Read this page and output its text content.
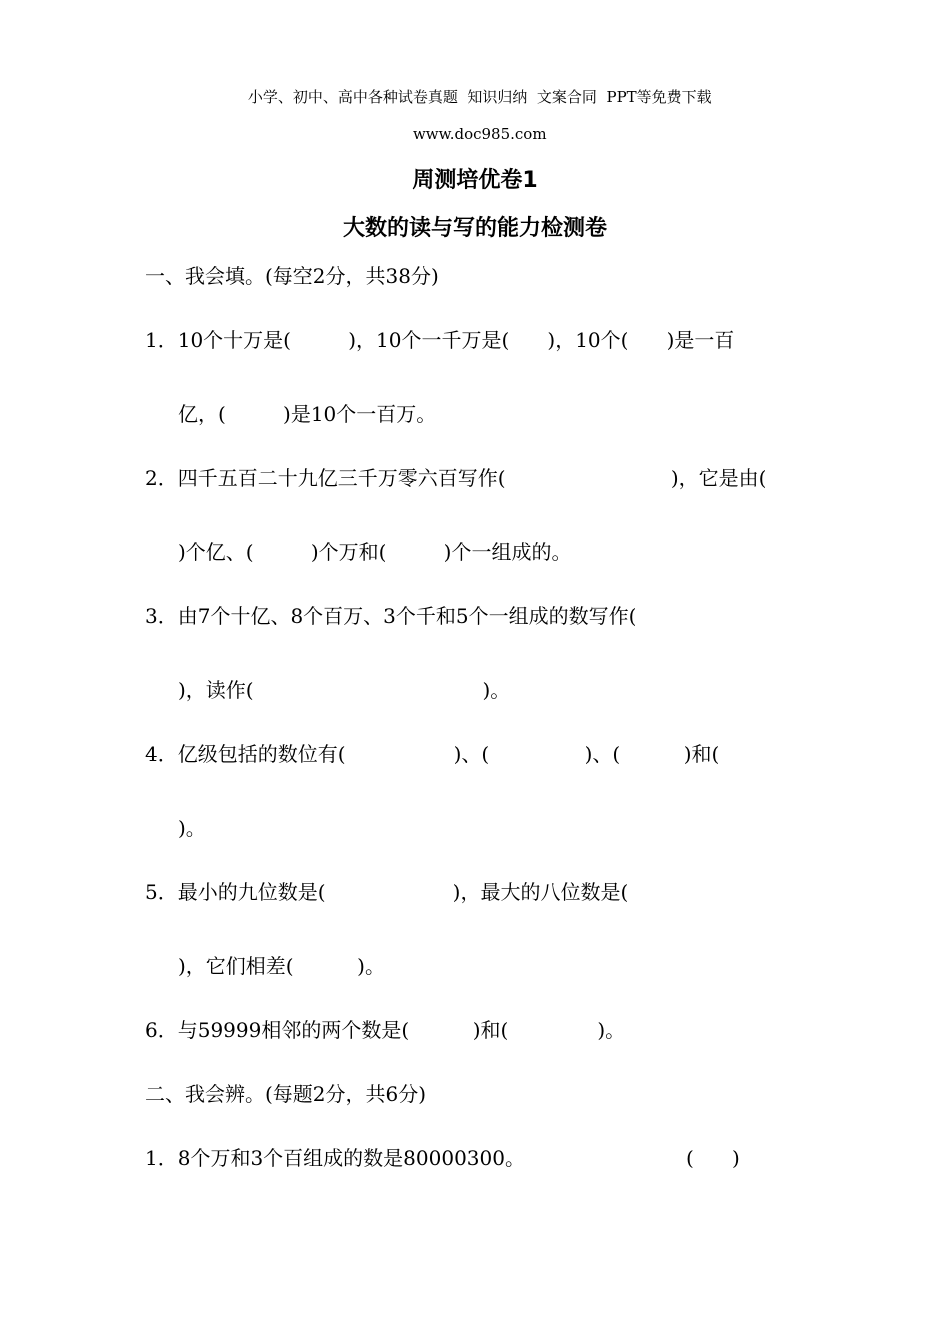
小学、初中、高中各种试卷真题  知识归纳  文案合同  PPT等免费下载

www.doc985.com

周测培优卷1
大数的读与写的能力检测卷
一、我会填。(每空2分，共38分)
1．10个十万是(         )，10个一千万是(      )，10个(      )是一百
亿，(         )是10个一百万。
2．四千五百二十九亿三千万零六百写作(                          )，它是由(
)个亿、(         )个万和(         )个一组成的。
3．由7个十亿、8个百万、3个千和5个一组成的数写作(
)，读作(                                    )。
4．亿级包括的数位有(                 )、(               )、(          )和(
)。
5．最小的九位数是(                    )，最大的八位数是(
)，它们相差(          )。
6．与59999相邻的两个数是(          )和(              )。
二、我会辨。(每题2分，共6分)
1．8个万和3个百组成的数是80000300。	(      )
